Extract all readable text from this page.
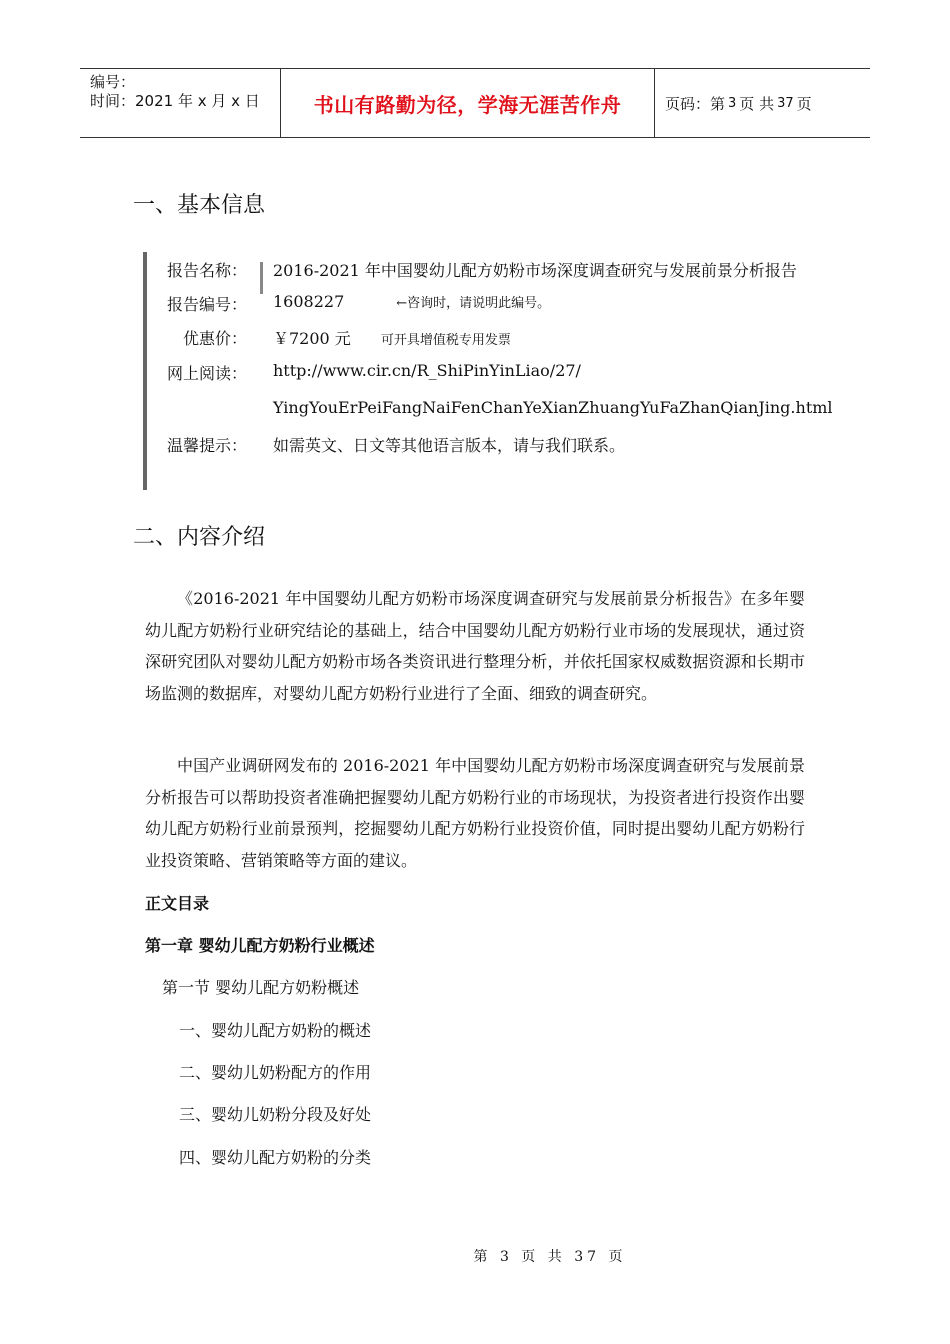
编号：
时间：2021 年 x 月 x 日	书山有路勤为径，学海无涯苦作舟	页码：第 3 页 共 37 页
一、基本信息
报告名称： 2016-2021 年中国婴幼儿配方奶粉市场深度调查研究与发展前景分析报告
报告编号： 1608227	←咨询时，请说明此编号。
优惠价： ￥7200 元 可开具增值税专用发票
网上阅读： http://www.cir.cn/R_ShiPinYinLiao/27/
YingYouErPeiFangNaiFenChanYeXianZhuangYuFaZhanQianJing.html
温馨提示： 如需英文、日文等其他语言版本，请与我们联系。
二、内容介绍
《2016-2021 年中国婴幼儿配方奶粉市场深度调查研究与发展前景分析报告》在多年婴幼儿配方奶粉行业研究结论的基础上，结合中国婴幼儿配方奶粉行业市场的发展现状，通过资深研究团队对婴幼儿配方奶粉市场各类资讯进行整理分析，并依托国家权威数据资源和长期市场监测的数据库，对婴幼儿配方奶粉行业进行了全面、细致的调查研究。
中国产业调研网发布的 2016-2021 年中国婴幼儿配方奶粉市场深度调查研究与发展前景分析报告可以帮助投资者准确把握婴幼儿配方奶粉行业的市场现状，为投资者进行投资作出婴幼儿配方奶粉行业前景预判，挖掘婴幼儿配方奶粉行业投资价值，同时提出婴幼儿配方奶粉行业投资策略、营销策略等方面的建议。
正文目录
第一章 婴幼儿配方奶粉行业概述
第一节 婴幼儿配方奶粉概述
一、婴幼儿配方奶粉的概述
二、婴幼儿奶粉配方的作用
三、婴幼儿奶粉分段及好处
四、婴幼儿配方奶粉的分类
第 3 页 共 37 页
